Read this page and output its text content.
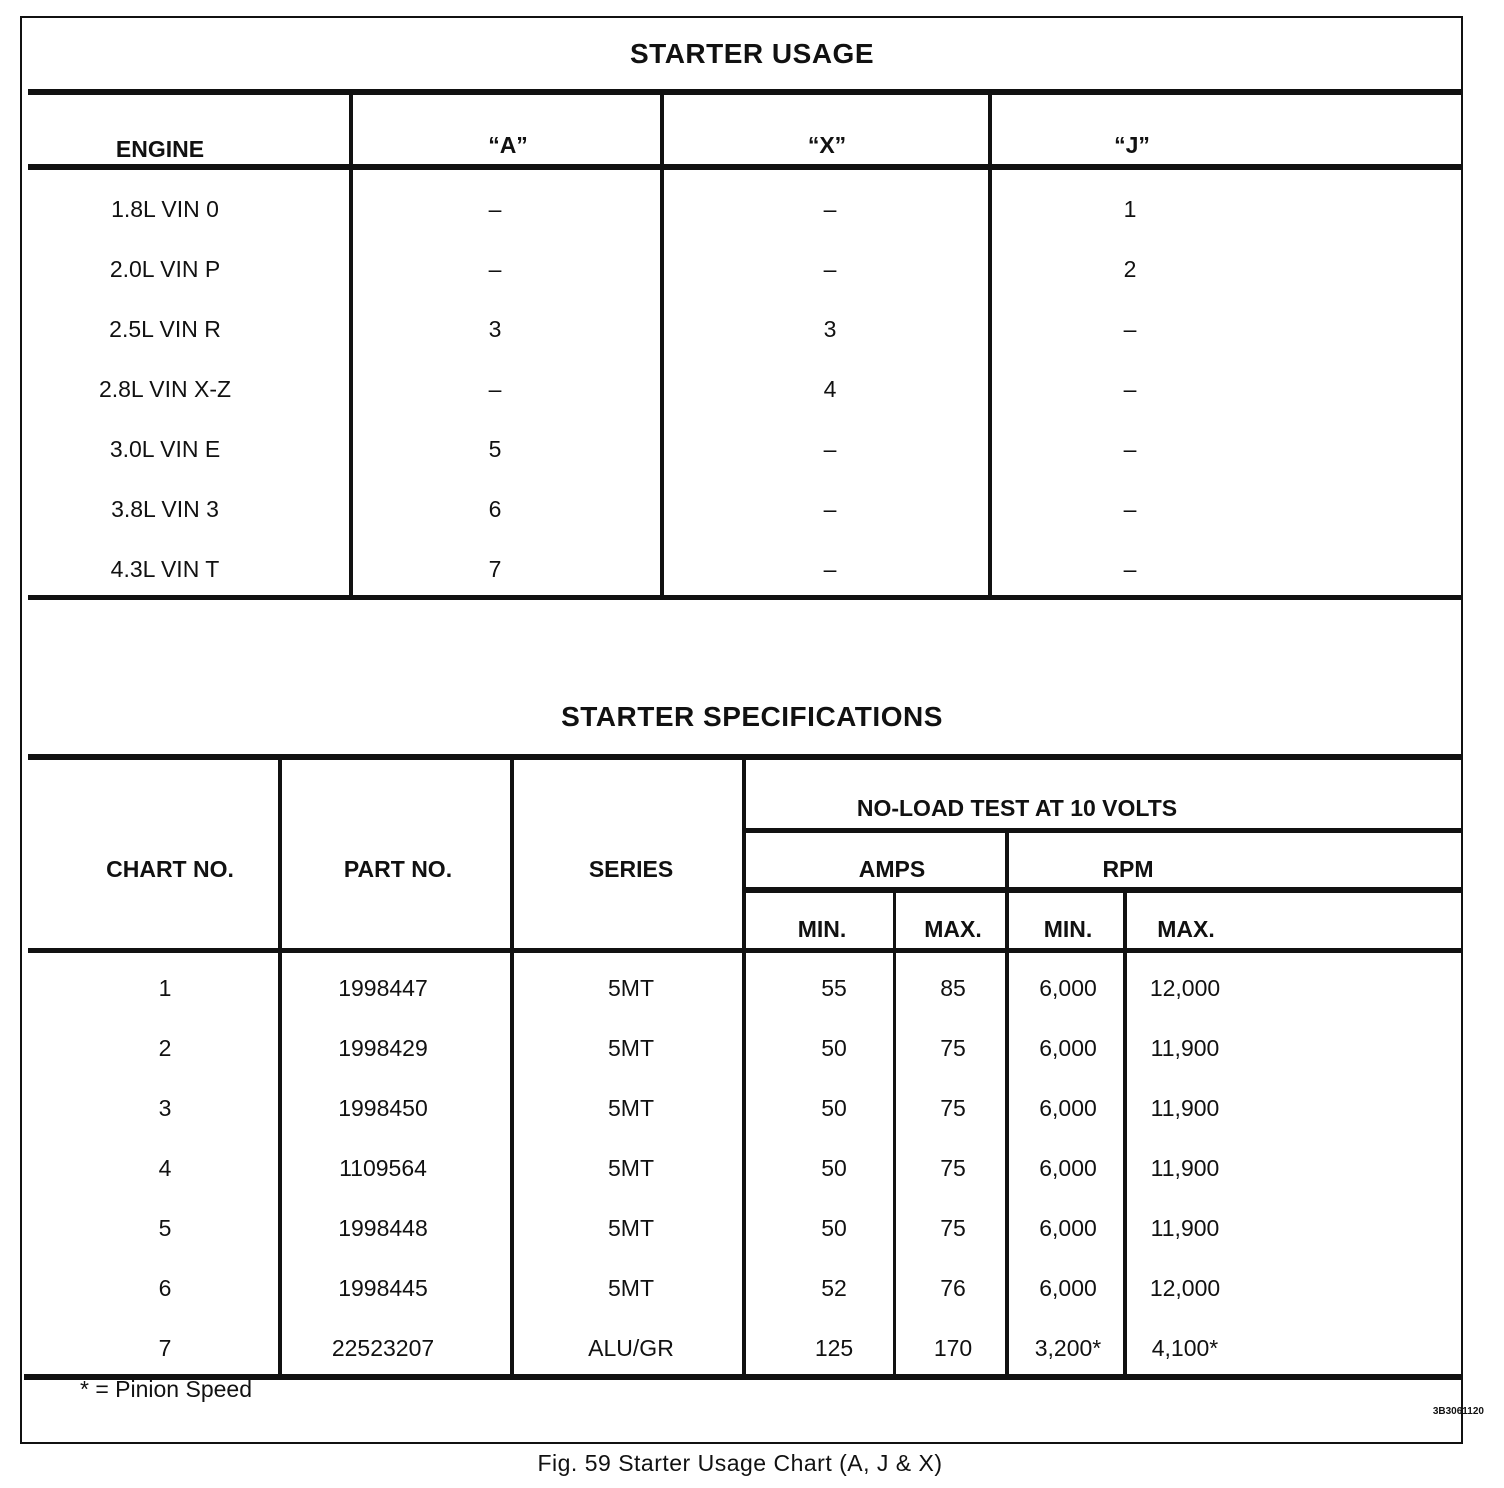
STARTER USAGE
ENGINE	“A”	“X”	“J”
1.8L VIN 0	–	–	1
2.0L VIN P	–	–	2
2.5L VIN R	3	3	–
2.8L VIN X-Z	–	4	–
3.0L VIN E	5	–	–
3.8L VIN 3	6	–	–
4.3L VIN T	7	–	–
STARTER SPECIFICATIONS
CHART NO.	PART NO.	SERIES
NO-LOAD TEST AT 10 VOLTS
AMPS	RPM
MIN.	MAX.	MIN.	MAX.
1	1998447	5MT	55	85	6,000	12,000
2	1998429	5MT	50	75	6,000	11,900
3	1998450	5MT	50	75	6,000	11,900
4	1109564	5MT	50	75	6,000	11,900
5	1998448	5MT	50	75	6,000	11,900
6	1998445	5MT	52	76	6,000	12,000
7	22523207	ALU/GR	125	170	3,200*	4,100*
* = Pinion Speed
3B3061120
Fig. 59 Starter Usage Chart (A, J & X)
